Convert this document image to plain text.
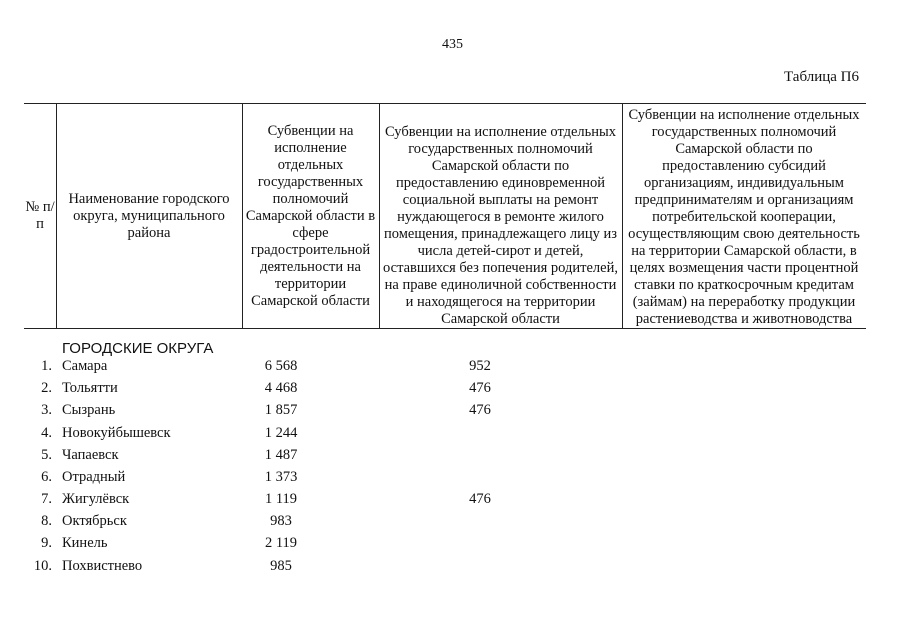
435
Таблица П6
№ п/п
Наименование городского округа, муниципального района
Субвенции на исполнение отдельных государственных полномочий Самарской области в сфере градостроительной деятельности на территории Самарской области
Субвенции на исполнение отдельных государственных полномочий Самарской области по предоставлению единовременной социальной выплаты на ремонт нуждающегося в ремонте жилого помещения, принадлежащего лицу из числа детей-сирот и детей, оставшихся без попечения родителей, на праве единоличной собственности и находящегося на территории Самарской области
Субвенции на исполнение отдельных государственных полномочий Самарской области по предоставлению субсидий организациям, индивидуальным предпринимателям и организациям потребительской кооперации, осуществляющим свою деятельность на территории Самарской области, в целях возмещения части процентной ставки по краткосрочным кредитам (займам) на переработку продукции растениеводства и животноводства
ГОРОДСКИЕ ОКРУГА
1. Самара	6 568	952
2. Тольятти	4 468	476
3. Сызрань	1 857	476
4. Новокуйбышевск	1 244
5. Чапаевск	1 487
6. Отрадный	1 373
7. Жигулёвск	1 119	476
8. Октябрьск	983
9. Кинель	2 119
10. Похвистнево	985
